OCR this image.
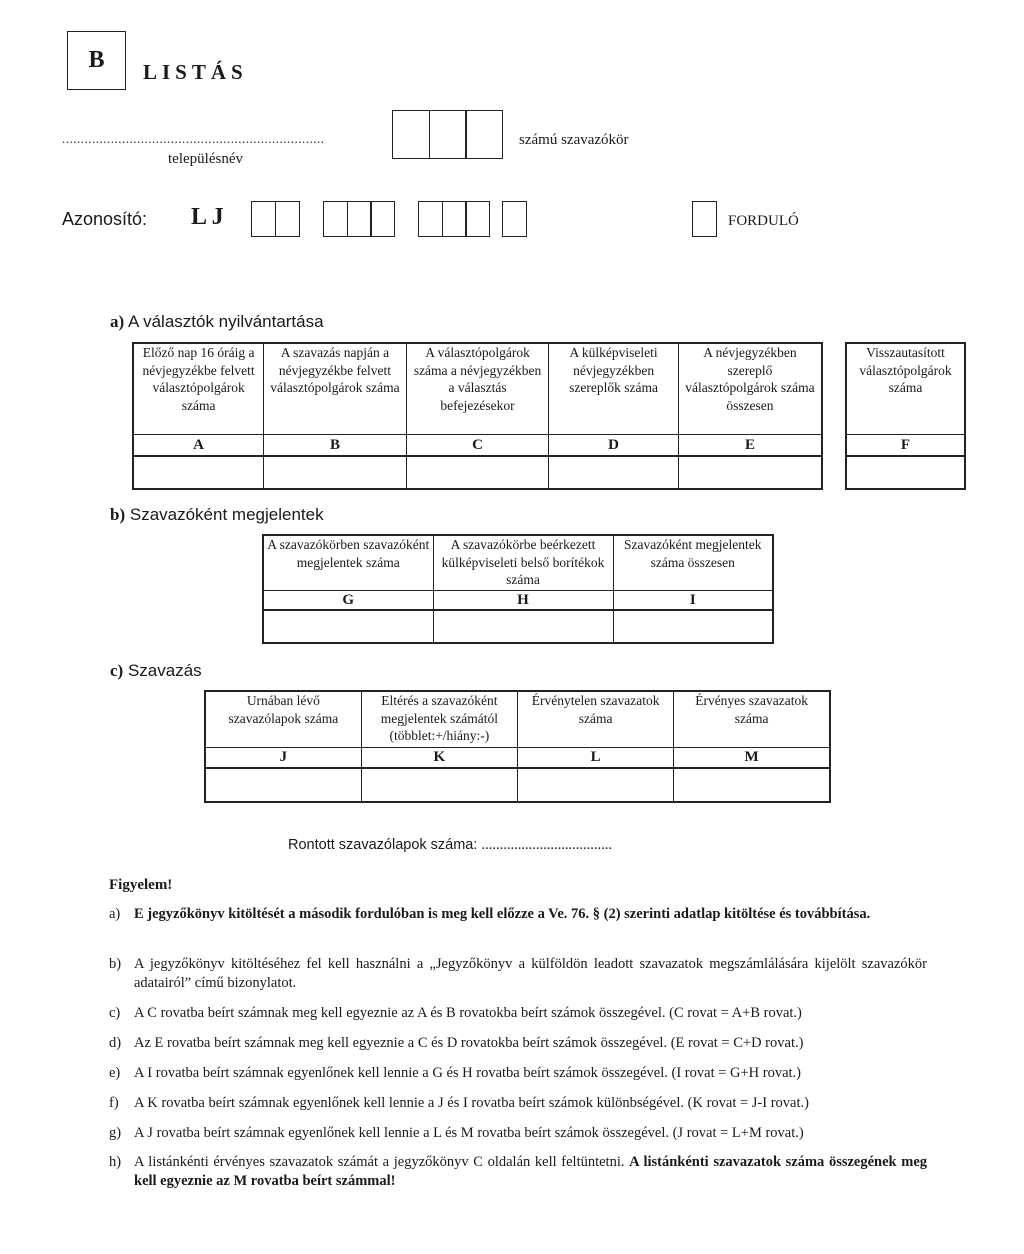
B LISTÁS
......................................................................
településnév
számú szavazókör
Azonosító: L J	FORDULÓ
a) A választók nyilvántartása
Előző nap 16 óráig a névjegyzékbe felvett választópolgárok száma	A szavazás napján a névjegyzékbe felvett választópolgárok száma	A választópolgárok száma a névjegyzékben a választás befejezésekor	A külképviseleti névjegyzékben szereplők száma	A névjegyzékben szereplő választópolgárok száma összesen
A	B	C	D	E

Visszautasított választópolgárok száma
F

b) Szavazóként megjelentek
A szavazókörben szavazóként megjelentek száma	A szavazókörbe beérkezett külképviseleti belső borítékok száma	Szavazóként megjelentek száma összesen
G	H	I

c) Szavazás
Urnában lévő szavazólapok száma	Eltérés a szavazóként megjelentek számától (többlet:+/hiány:-)	Érvénytelen szavazatok száma	Érvényes szavazatok száma
J	K	L	M

Rontott szavazólapok száma: ....................................
Figyelem!
a) E jegyzőkönyv kitöltését a második fordulóban is meg kell előzze a Ve. 76. § (2) szerinti adatlap kitöltése és továbbítása.
b) A jegyzőkönyv kitöltéséhez fel kell használni a „Jegyzőkönyv a külföldön leadott szavazatok megszámlálására kijelölt szavazókör adatairól” című bizonylatot.
c) A C rovatba beírt számnak meg kell egyeznie az A és B rovatokba beírt számok összegével. (C rovat = A+B rovat.)
d) Az E rovatba beírt számnak meg kell egyeznie a C és D rovatokba beírt számok összegével. (E rovat = C+D rovat.)
e) A I rovatba beírt számnak egyenlőnek kell lennie a G és H rovatba beírt számok összegével. (I rovat = G+H rovat.)
f) A K rovatba beírt számnak egyenlőnek kell lennie a J és I rovatba beírt számok különbségével. (K rovat = J-I rovat.)
g) A J rovatba beírt számnak egyenlőnek kell lennie a L és M rovatba beírt számok összegével. (J rovat = L+M rovat.)
h) A listánkénti érvényes szavazatok számát a jegyzőkönyv C oldalán kell feltüntetni. A listánkénti szavazatok száma összegének meg kell egyeznie az M rovatba beírt számmal!
